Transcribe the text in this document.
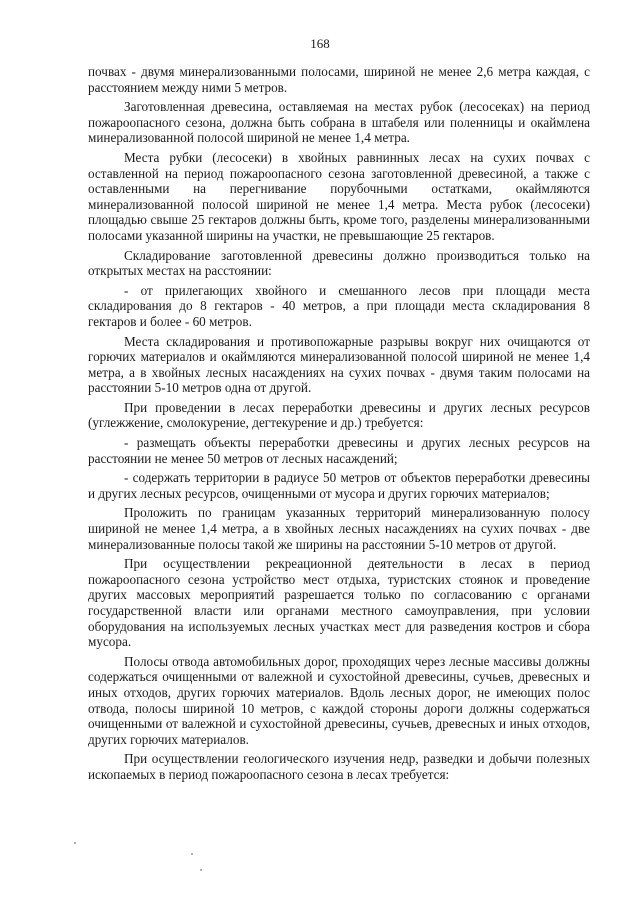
168

почвах - двумя минерализованными полосами, шириной не менее 2,6 метра каждая, с расстоянием между ними 5 метров.

Заготовленная древесина, оставляемая на местах рубок (лесосеках) на период пожароопасного сезона, должна быть собрана в штабеля или поленницы и окаймлена минерализованной полосой шириной не менее 1,4 метра.

Места рубки (лесосеки) в хвойных равнинных лесах на сухих почвах с оставленной на период пожароопасного сезона заготовленной древесиной, а также с оставленными на перегнивание порубочными остатками, окаймляются минерализованной полосой шириной не менее 1,4 метра. Места рубок (лесосеки) площадью свыше 25 гектаров должны быть, кроме того, разделены минерализованными полосами указанной ширины на участки, не превышающие 25 гектаров.

Складирование заготовленной древесины должно производиться только на открытых местах на расстоянии:

- от прилегающих хвойного и смешанного лесов при площади места складирования до 8 гектаров - 40 метров, а при площади места складирования 8 гектаров и более - 60 метров.

Места складирования и противопожарные разрывы вокруг них очищаются от горючих материалов и окаймляются минерализованной полосой шириной не менее 1,4 метра, а в хвойных лесных насаждениях на сухих почвах - двумя таким полосами на расстоянии 5-10 метров одна от другой.

При проведении в лесах переработки древесины и других лесных ресурсов (углежжение, смолокурение, дегтекурение и др.) требуется:

- размещать объекты переработки древесины и других лесных ресурсов на расстоянии не менее 50 метров от лесных насаждений;

- содержать территории в радиусе 50 метров от объектов переработки древесины и других лесных ресурсов, очищенными от мусора и других горючих материалов;

Проложить по границам указанных территорий минерализованную полосу шириной не менее 1,4 метра, а в хвойных лесных насаждениях на сухих почвах - две минерализованные полосы такой же ширины на расстоянии 5-10 метров от другой.

При осуществлении рекреационной деятельности в лесах в период пожароопасного сезона устройство мест отдыха, туристских стоянок и проведение других массовых мероприятий разрешается только по согласованию с органами государственной власти или органами местного самоуправления, при условии оборудования на используемых лесных участках мест для разведения костров и сбора мусора.

Полосы отвода автомобильных дорог, проходящих через лесные массивы должны содержаться очищенными от валежной и сухостойной древесины, сучьев, древесных и иных отходов, других горючих материалов. Вдоль лесных дорог, не имеющих полос отвода, полосы шириной 10 метров, с каждой стороны дороги должны содержаться очищенными от валежной и сухостойной древесины, сучьев, древесных и иных отходов, других горючих материалов.

При осуществлении геологического изучения недр, разведки и добычи полезных ископаемых в период пожароопасного сезона в лесах требуется:
